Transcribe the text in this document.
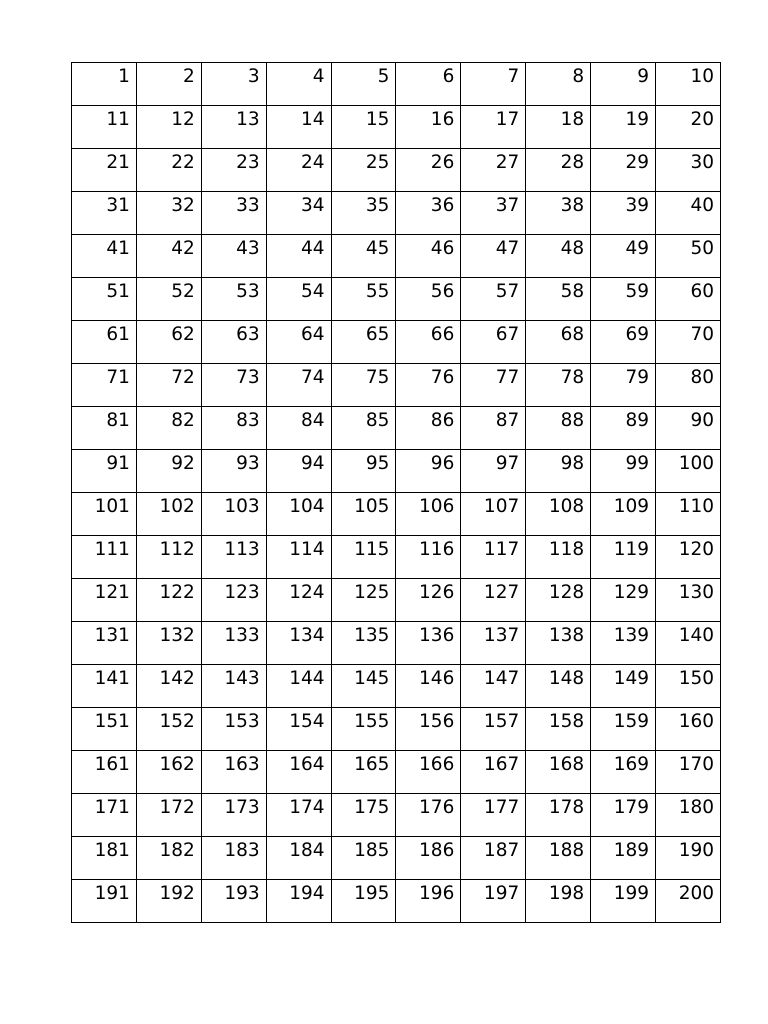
1	2	3	4	5	6	7	8	9	10
11	12	13	14	15	16	17	18	19	20
21	22	23	24	25	26	27	28	29	30
31	32	33	34	35	36	37	38	39	40
41	42	43	44	45	46	47	48	49	50
51	52	53	54	55	56	57	58	59	60
61	62	63	64	65	66	67	68	69	70
71	72	73	74	75	76	77	78	79	80
81	82	83	84	85	86	87	88	89	90
91	92	93	94	95	96	97	98	99	100
101	102	103	104	105	106	107	108	109	110
111	112	113	114	115	116	117	118	119	120
121	122	123	124	125	126	127	128	129	130
131	132	133	134	135	136	137	138	139	140
141	142	143	144	145	146	147	148	149	150
151	152	153	154	155	156	157	158	159	160
161	162	163	164	165	166	167	168	169	170
171	172	173	174	175	176	177	178	179	180
181	182	183	184	185	186	187	188	189	190
191	192	193	194	195	196	197	198	199	200
